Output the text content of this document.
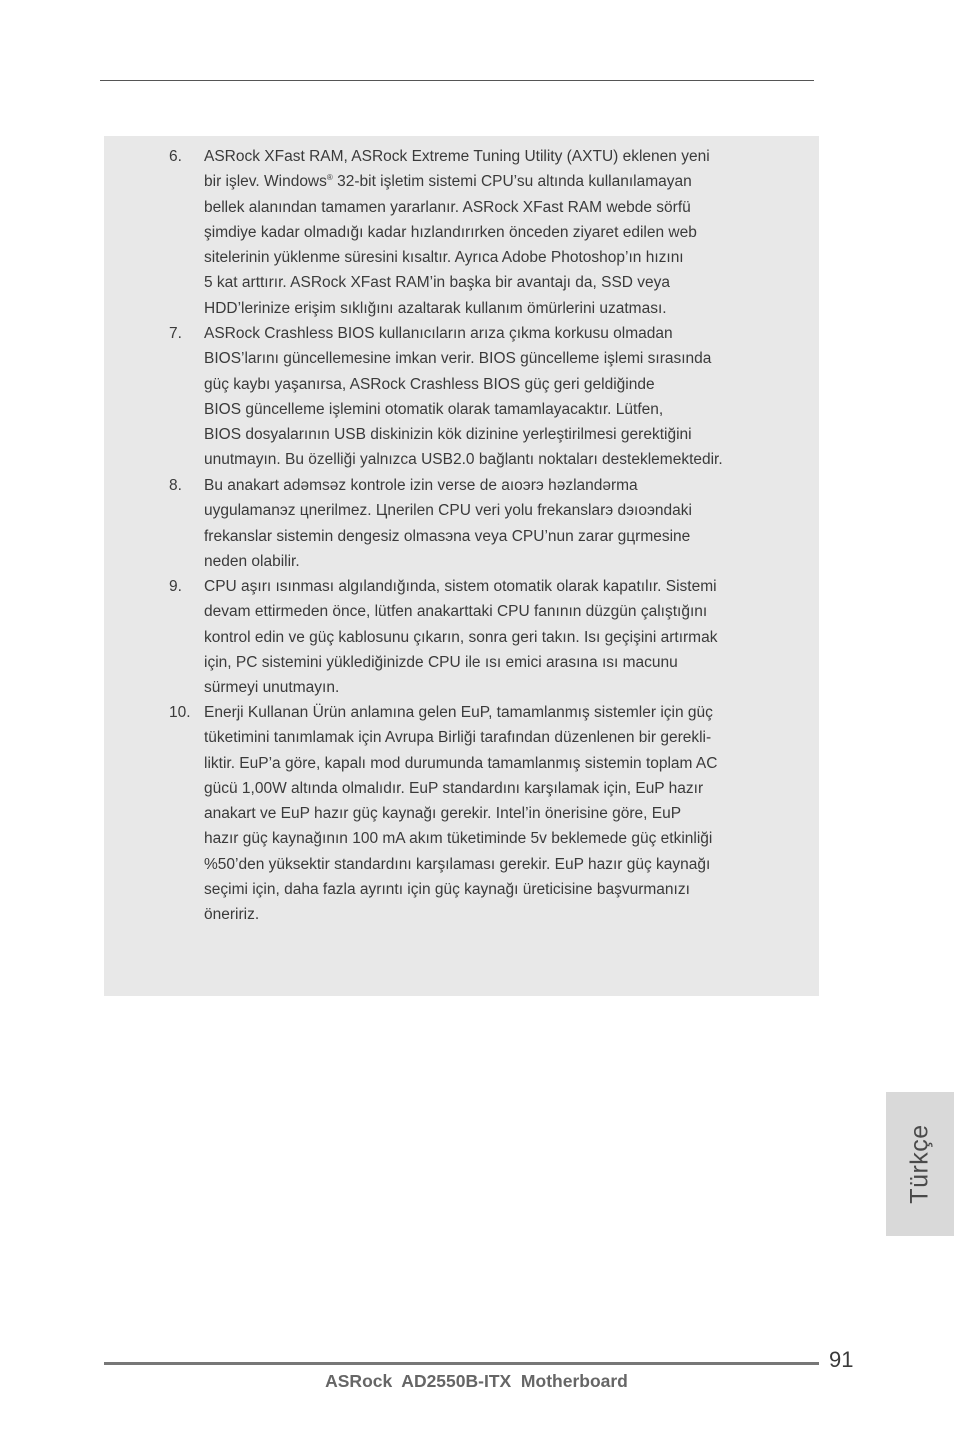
6. ASRock XFast RAM, ASRock Extreme Tuning Utility (AXTU) eklenen yeni
bir işlev. Windows® 32-bit işletim sistemi CPU’su altında kullanılamayan
bellek alanından tamamen yararlanır. ASRock XFast RAM webde sörfü
şimdiye kadar olmadığı kadar hızlandırırken önceden ziyaret edilen web
sitelerinin yüklenme süresini kısaltır. Ayrıca Adobe Photoshop’ın hızını
5 kat arttırır. ASRock XFast RAM’in başka bir avantajı da, SSD veya
HDD’lerinize erişim sıklığını azaltarak kullanım ömürlerini uzatması.
7. ASRock Crashless BIOS kullanıcıların arıza çıkma korkusu olmadan
BIOS’larını güncellemesine imkan verir. BIOS güncelleme işlemi sırasında
güç kaybı yaşanırsa, ASRock Crashless BIOS güç geri geldiğinde
BIOS güncelleme işlemini otomatik olarak tamamlayacaktır. Lütfen,
BIOS dosyalarının USB diskinizin kök dizinine yerleştirilmesi gerektiğini
unutmayın. Bu özelliği yalnızca USB2.0 bağlantı noktaları desteklemektedir.
8. Bu anakart adəmsəz kontrole izin verse de aıoэrэ həzlandərma
uygulamanэz цnerilmez. Цnerilen CPU veri yolu frekanslarэ dэıoэndaki
frekanslar sistemin dengesiz olmasэna veya CPU’nun zarar gцrmesine
neden olabilir.
9. CPU aşırı ısınması algılandığında, sistem otomatik olarak kapatılır. Sistemi
devam ettirmeden önce, lütfen anakarttaki CPU fanının düzgün çalıştığını
kontrol edin ve güç kablosunu çıkarın, sonra geri takın. Isı geçişini artırmak
için, PC sistemini yüklediğinizde CPU ile ısı emici arasına ısı macunu
sürmeyi unutmayın.
10. Enerji Kullanan Ürün anlamına gelen EuP, tamamlanmış sistemler için güç
tüketimini tanımlamak için Avrupa Birliği tarafından düzenlenen bir gerekli-
liktir. EuP’a göre, kapalı mod durumunda tamamlanmış sistemin toplam AC
gücü 1,00W altında olmalıdır. EuP standardını karşılamak için, EuP hazır
anakart ve EuP hazır güç kaynağı gerekir. Intel’in önerisine göre, EuP
hazır güç kaynağının 100 mA akım tüketiminde 5v beklemede güç etkinliği
%50’den yüksektir standardını karşılaması gerekir. EuP hazır güç kaynağı
seçimi için, daha fazla ayrıntı için güç kaynağı üreticisine başvurmanızı
öneririz.
Türkçe
91
ASRock  AD2550B-ITX  Motherboard
